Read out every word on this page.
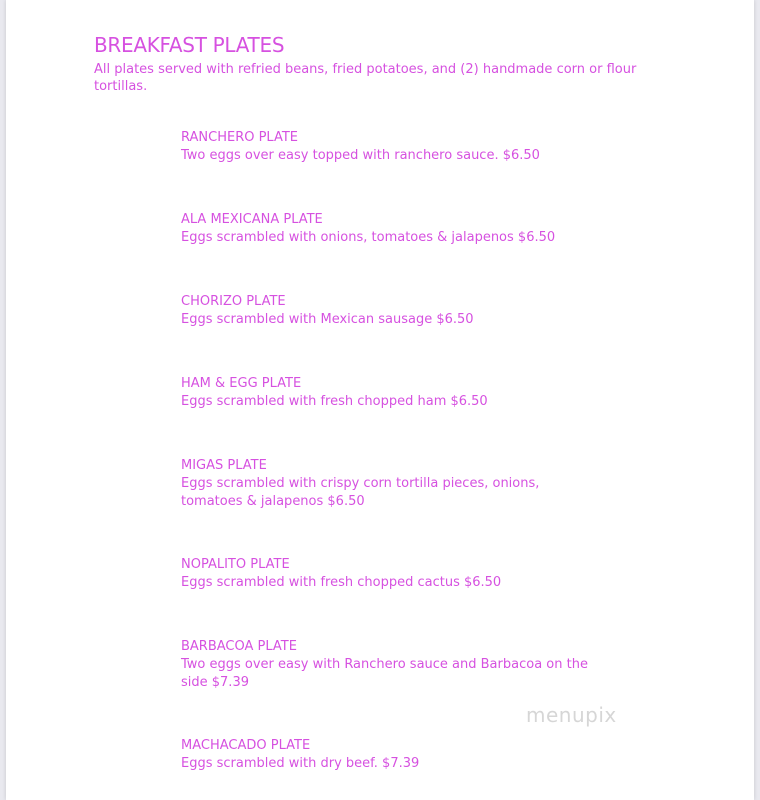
BREAKFAST PLATES

All plates served with refried beans, fried potatoes, and (2) handmade corn or flour tortillas.

RANCHERO PLATE
Two eggs over easy topped with ranchero sauce. $6.50
ALA MEXICANA PLATE
Eggs scrambled with onions, tomatoes & jalapenos $6.50
CHORIZO PLATE
Eggs scrambled with Mexican sausage $6.50
HAM & EGG PLATE
Eggs scrambled with fresh chopped ham $6.50
MIGAS PLATE
Eggs scrambled with crispy corn tortilla pieces, onions, tomatoes & jalapenos $6.50
NOPALITO PLATE
Eggs scrambled with fresh chopped cactus $6.50
BARBACOA PLATE
Two eggs over easy with Ranchero sauce and Barbacoa on the side $7.39
MACHACADO PLATE
Eggs scrambled with dry beef. $7.39
menupix
